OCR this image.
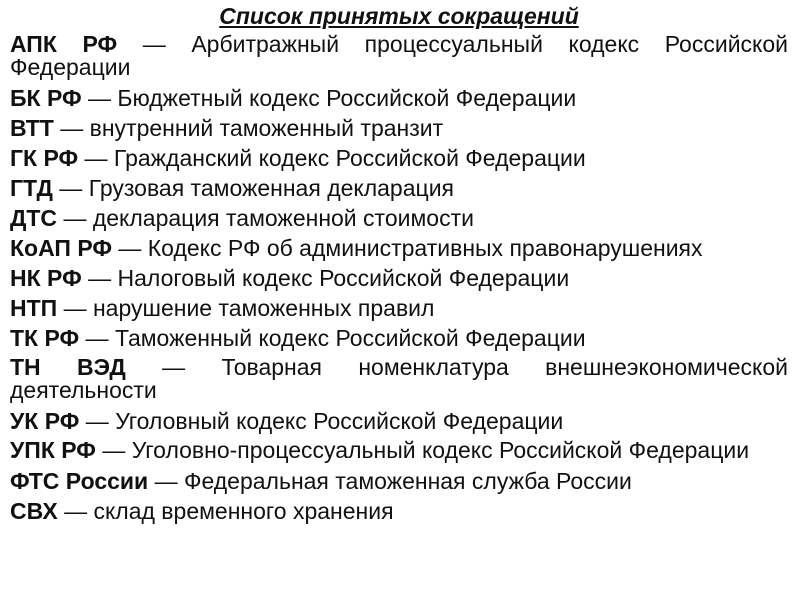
Список принятых сокращений
АПК РФ — Арбитражный процессуальный кодекс Российской Федерации
БК РФ — Бюджетный кодекс Российской Федерации
ВТТ — внутренний таможенный транзит
ГК РФ — Гражданский кодекс Российской Федерации
ГТД — Грузовая таможенная декларация
ДТС — декларация таможенной стоимости
КоАП РФ — Кодекс РФ об административных правонарушениях
НК РФ — Налоговый кодекс Российской Федерации
НТП — нарушение таможенных правил
ТК РФ — Таможенный кодекс Российской Федерации
ТН ВЭД — Товарная номенклатура внешнеэкономической деятельности
УК РФ — Уголовный кодекс Российской Федерации
УПК РФ — Уголовно-процессуальный кодекс Российской Федерации
ФТС России — Федеральная таможенная служба России
СВХ — склад временного хранения
